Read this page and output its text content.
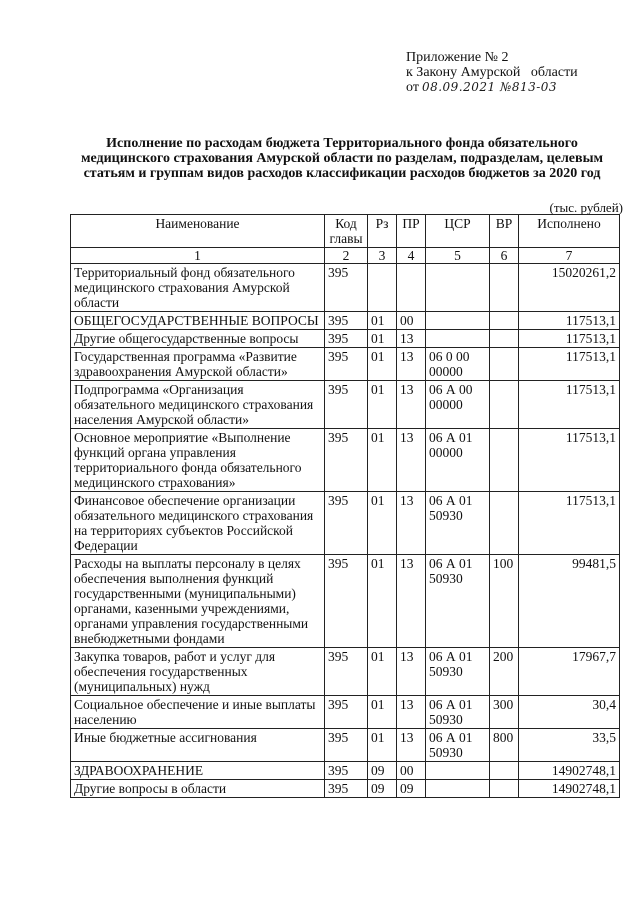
Приложение № 2
к Закону Амурской   области
от 08.09.2021 №813-03
Исполнение по расходам бюджета Территориального фонда обязательного медицинского страхования Амурской области по разделам, подразделам, целевым статьям и группам видов расходов классификации расходов бюджетов за 2020 год
(тыс. рублей)
Наименование	Код главы	Рз	ПР	ЦСР	ВР	Исполнено
1	2	3	4	5	6	7
Территориальный фонд обязательного медицинского страхования Амурской области	395					15020261,2
ОБЩЕГОСУДАРСТВЕННЫЕ ВОПРОСЫ	395	01	00			117513,1
Другие общегосударственные вопросы	395	01	13			117513,1
Государственная программа «Развитие здравоохранения Амурской области»	395	01	13	06 0 00 00000		117513,1
Подпрограмма «Организация обязательного медицинского страхования населения Амурской области»	395	01	13	06 А 00 00000		117513,1
Основное мероприятие «Выполнение функций органа управления территориального фонда обязательного медицинского страхования»	395	01	13	06 А 01 00000		117513,1
Финансовое обеспечение организации обязательного медицинского страхования на территориях субъектов Российской Федерации	395	01	13	06 А 01 50930		117513,1
Расходы на выплаты персоналу в целях обеспечения выполнения функций государственными (муниципальными) органами, казенными учреждениями, органами управления государственными внебюджетными фондами	395	01	13	06 А 01 50930	100	99481,5
Закупка товаров, работ и услуг для обеспечения государственных (муниципальных) нужд	395	01	13	06 А 01 50930	200	17967,7
Социальное обеспечение и иные выплаты населению	395	01	13	06 А 01 50930	300	30,4
Иные бюджетные ассигнования	395	01	13	06 А 01 50930	800	33,5
ЗДРАВООХРАНЕНИЕ	395	09	00			14902748,1
Другие вопросы в области	395	09	09			14902748,1
